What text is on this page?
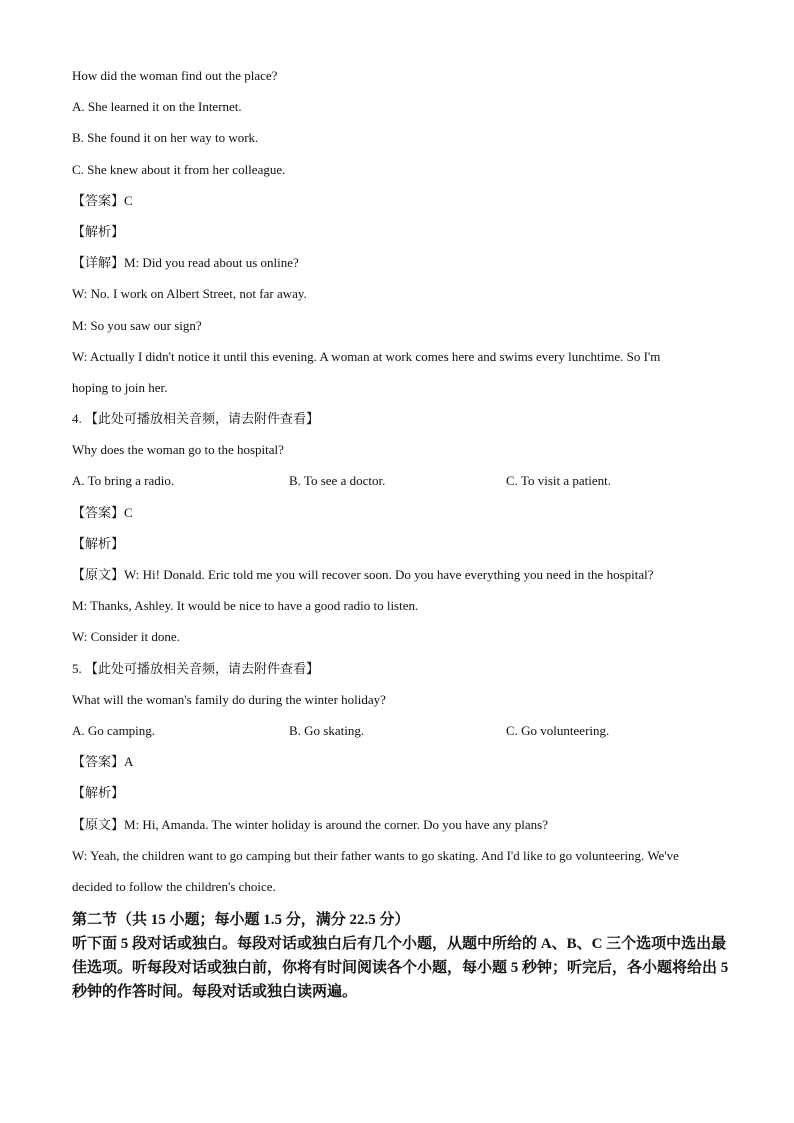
How did the woman find out the place?
A. She learned it on the Internet.
B. She found it on her way to work.
C. She knew about it from her colleague.
【答案】C
【解析】
【详解】M: Did you read about us online?
W: No. I work on Albert Street, not far away.
M: So you saw our sign?
W: Actually I didn't notice it until this evening. A woman at work comes here and swims every lunchtime. So I'm
hoping to join her.
4. 【此处可播放相关音频，请去附件查看】
Why does the woman go to the hospital?
A. To bring a radio.	B. To see a doctor.	C. To visit a patient.
【答案】C
【解析】
【原文】W: Hi! Donald. Eric told me you will recover soon. Do you have everything you need in the hospital?
M: Thanks, Ashley. It would be nice to have a good radio to listen.
W: Consider it done.
5. 【此处可播放相关音频，请去附件查看】
What will the woman's family do during the winter holiday?
A. Go camping.	B. Go skating.	C. Go volunteering.
【答案】A
【解析】
【原文】M: Hi, Amanda. The winter holiday is around the corner. Do you have any plans?
W: Yeah, the children want to go camping but their father wants to go skating. And I'd like to go volunteering. We've
decided to follow the children's choice.
第二节（共 15 小题；每小题 1.5 分，满分 22.5 分）
听下面 5 段对话或独白。每段对话或独白后有几个小题，从题中所给的 A、B、C 三个选项中选出最佳选项。听每段对话或独白前，你将有时间阅读各个小题，每小题 5 秒钟；听完后，各小题将给出 5 秒钟的作答时间。每段对话或独白读两遍。
